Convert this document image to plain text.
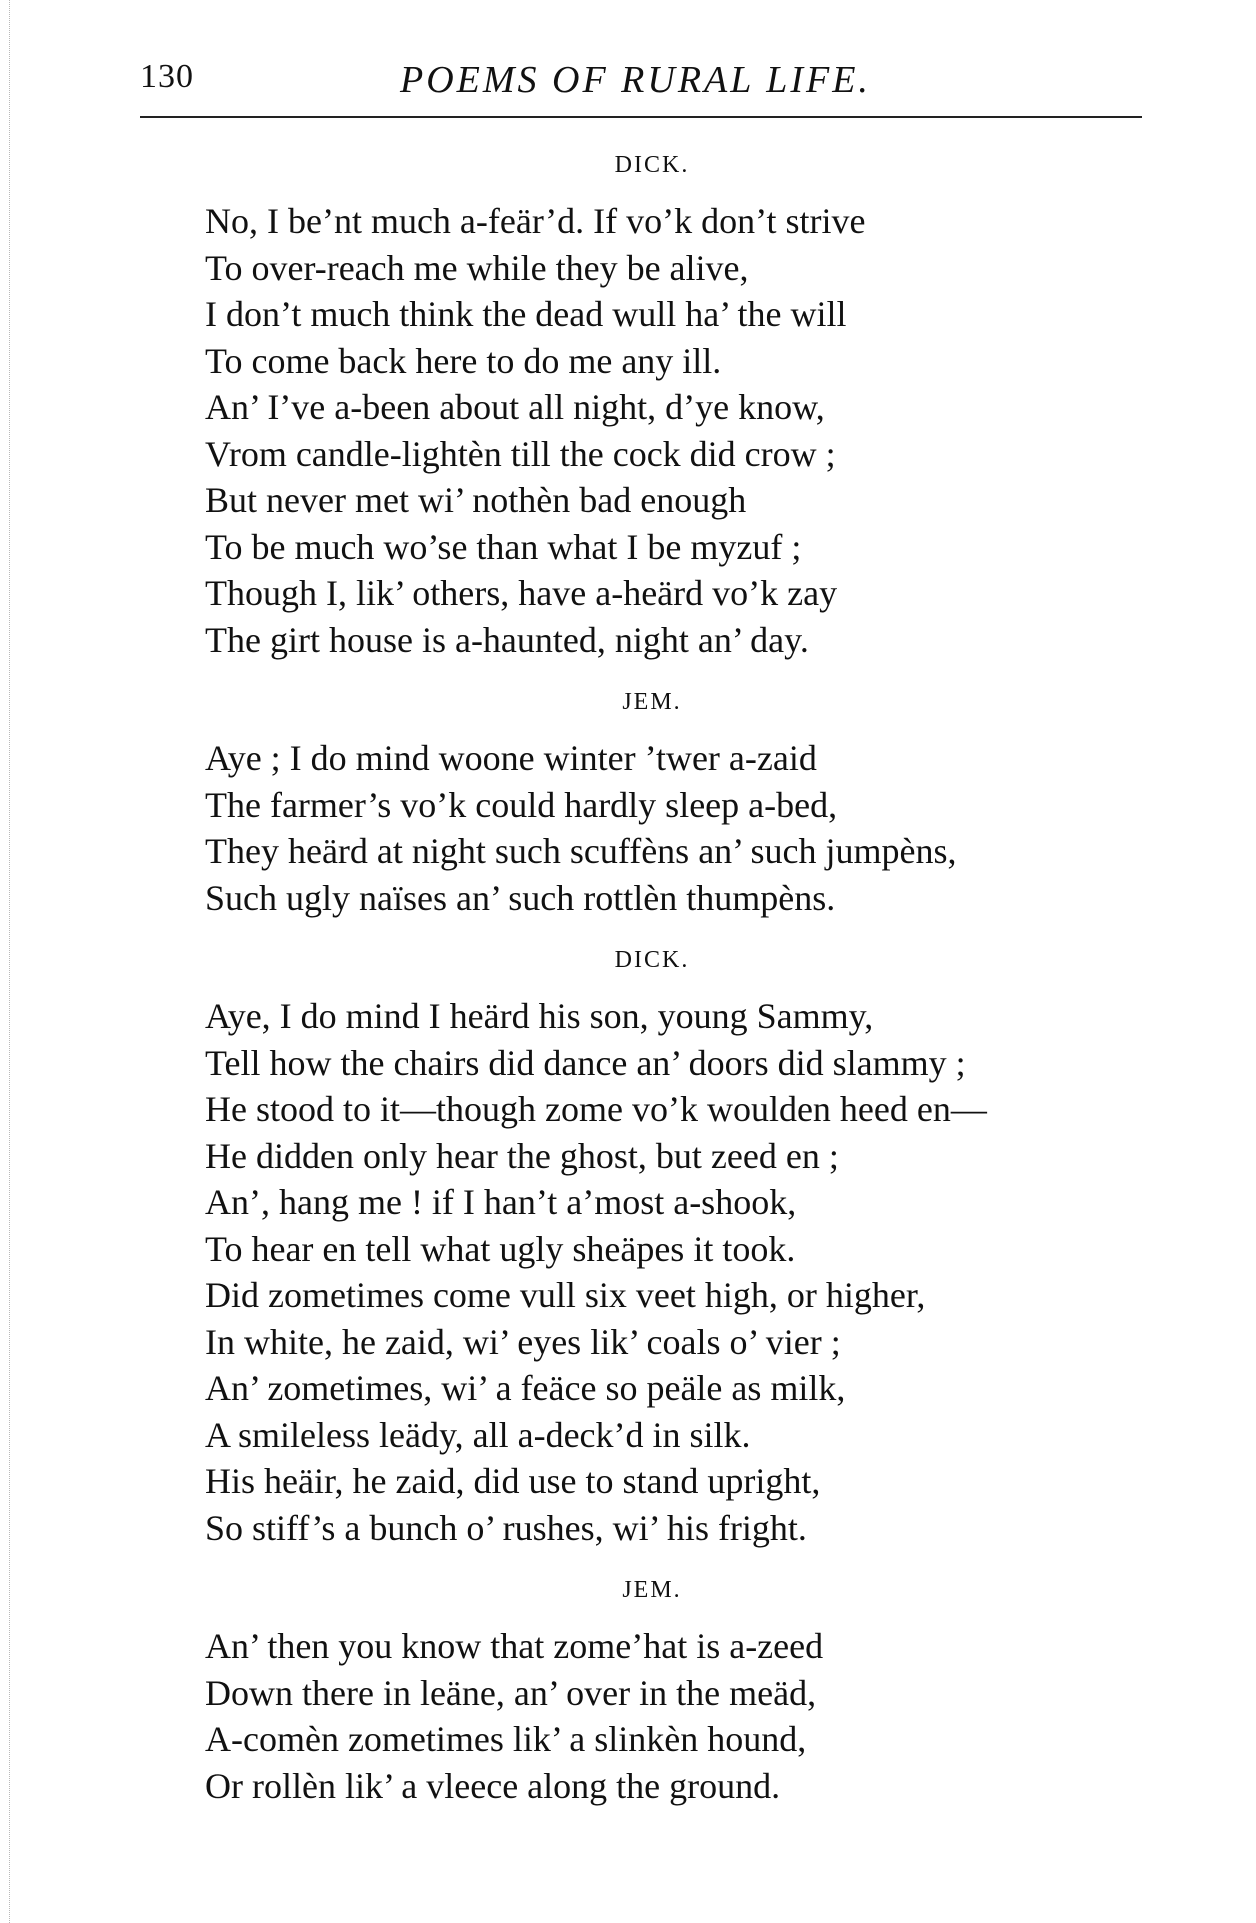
130	POEMS OF RURAL LIFE.
DICK.
No, I be’nt much a-feär’d. If vo’k don’t strive
To over-reach me while they be alive,
I don’t much think the dead wull ha’ the will
To come back here to do me any ill.
An’ I’ve a-been about all night, d’ye know,
Vrom candle-lightèn till the cock did crow ;
But never met wi’ nothèn bad enough
To be much wo’se than what I be myzuf ;
Though I, lik’ others, have a-heärd vo’k zay
The girt house is a-haunted, night an’ day.
JEM.
Aye ; I do mind woone winter ’twer a-zaid
The farmer’s vo’k could hardly sleep a-bed,
They heärd at night such scuffèns an’ such jumpèns,
Such ugly naïses an’ such rottlèn thumpèns.
DICK.
Aye, I do mind I heärd his son, young Sammy,
Tell how the chairs did dance an’ doors did slammy ;
He stood to it—though zome vo’k woulden heed en—
He didden only hear the ghost, but zeed en ;
An’, hang me ! if I han’t a’most a-shook,
To hear en tell what ugly sheäpes it took.
Did zometimes come vull six veet high, or higher,
In white, he zaid, wi’ eyes lik’ coals o’ vier ;
An’ zometimes, wi’ a feäce so peäle as milk,
A smileless leädy, all a-deck’d in silk.
His heäir, he zaid, did use to stand upright,
So stiff’s a bunch o’ rushes, wi’ his fright.
JEM.
An’ then you know that zome’hat is a-zeed
Down there in leäne, an’ over in the meäd,
A-comèn zometimes lik’ a slinkèn hound,
Or rollèn lik’ a vleece along the ground.
